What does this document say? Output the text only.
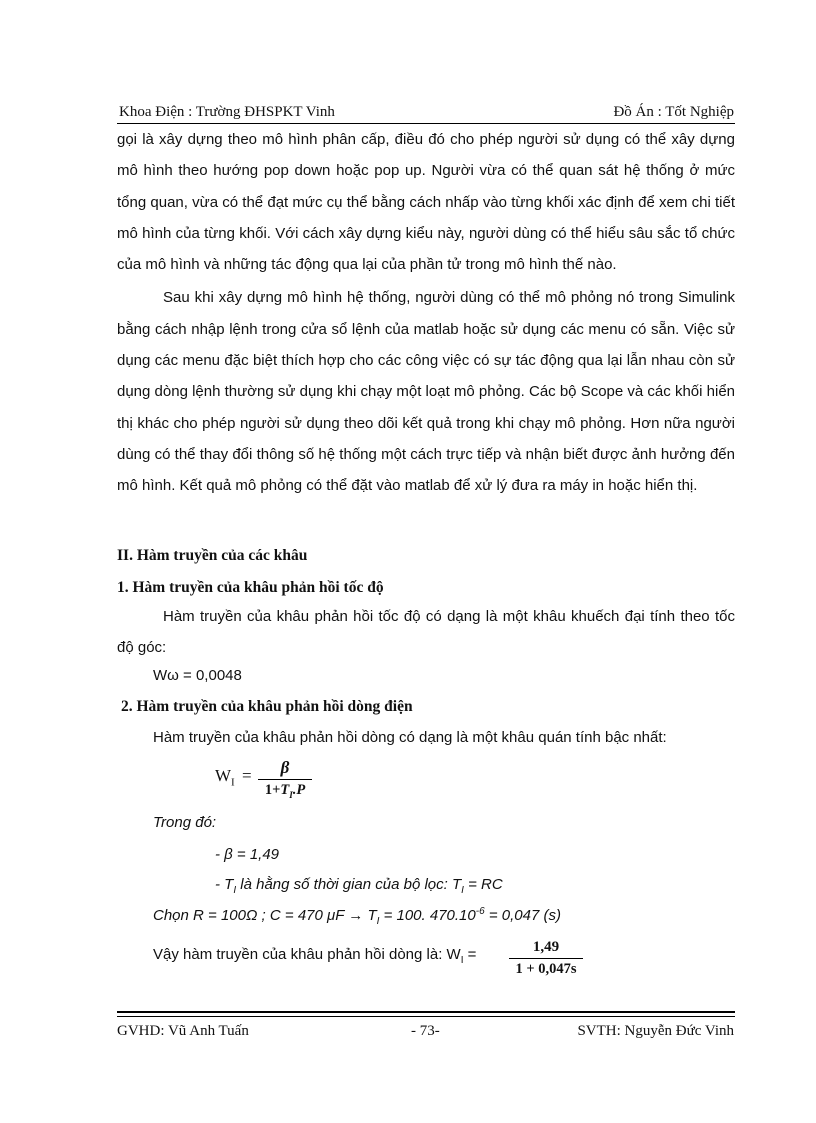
Khoa Điện : Trường ĐHSPKT Vinh	Đồ Án : Tốt Nghiệp

gọi là xây dựng theo mô hình phân cấp, điều đó cho phép người sử dụng có thể xây dựng mô hình theo hướng pop down hoặc pop up. Người vừa có thể quan sát hệ thống ở mức tổng quan, vừa có thể đạt mức cụ thể bằng cách nhấp vào từng khối xác định để xem chi tiết mô hình của từng khối. Với cách xây dựng kiểu này, người dùng có thể hiểu sâu sắc tổ chức của mô hình và những tác động qua lại của phần tử trong mô hình thế nào.

Sau khi xây dựng mô hình hệ thống, người dùng có thể mô phỏng nó trong Simulink bằng cách nhập lệnh trong cửa sổ lệnh của matlab hoặc sử dụng các menu có sẵn. Việc sử dụng các menu đặc biệt thích hợp cho các công việc có sự tác động qua lại lẫn nhau còn sử dụng dòng lệnh thường sử dụng khi chạy một loạt mô phỏng. Các bộ Scope và các khối hiển thị khác cho phép người sử dụng theo dõi kết quả trong khi chạy mô phỏng. Hơn nữa người dùng có thể thay đổi thông số hệ thống một cách trực tiếp và nhận biết được ảnh hưởng đến mô hình. Kết quả mô phỏng có thể đặt vào matlab để xử lý đưa ra máy in hoặc hiển thị.

II. Hàm truyền của các khâu
1. Hàm truyền của khâu phản hồi tốc độ

Hàm truyền của khâu phản hồi tốc độ có dạng là một khâu khuếch đại tính theo tốc độ góc:

Wω = 0,0048
2. Hàm truyền của khâu phản hồi dòng điện
Hàm truyền của khâu phản hồi dòng có dạng là một khâu quán tính bậc nhất:
$W_I$ =	β
$1+T_I.P$
Trong đó:
- β = 1,49
- $T_I$ là hằng số thời gian của bộ lọc: $T_I$ = RC
Chọn R = 100Ω ; C = 470 $\mu F \to T_I = 100$. $470.10^{-6} = 0,047$ (s)
Vậy hàm truyền của khâu phản hồi dòng là: $W_I$ =	1,49
1 + 0,047s
GVHD: Vũ Anh Tuấn	- 73-	SVTH: Nguyễn Đức Vinh
